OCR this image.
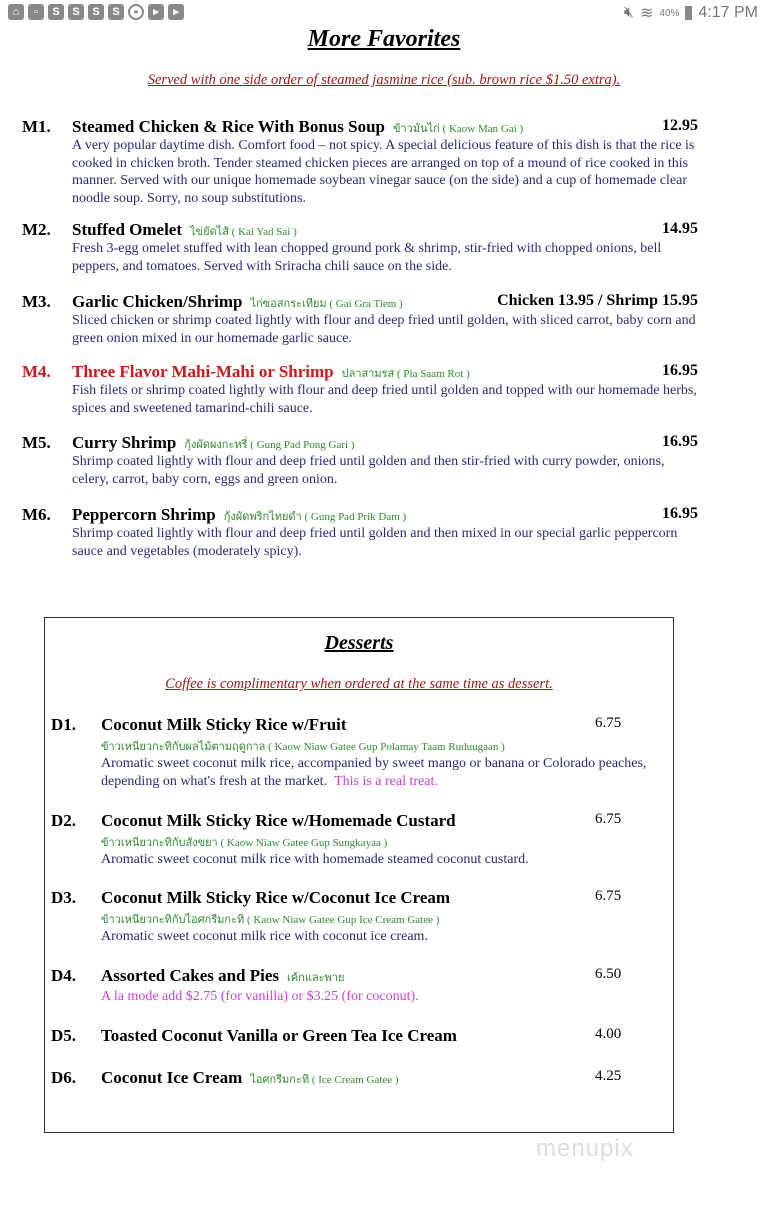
⌂	▫	S	S	S	S	●	▸	▸	🔇︎ ≋ 40% 4:17 PM
More Favorites
Served with one side order of steamed jasmine rice (sub. brown rice $1.50 extra).
M1. Steamed Chicken & Rice With Bonus Soup ข้าวมันไก่ ( Kaow Man Gai )	12.95
A very popular daytime dish. Comfort food – not spicy. A special delicious feature of this dish is that the rice is cooked in chicken broth. Tender steamed chicken pieces are arranged on top of a mound of rice cooked in this manner. Served with our unique homemade soybean vinegar sauce (on the side) and a cup of homemade clear noodle soup. Sorry, no soup substitutions.
M2. Stuffed Omelet ไข่ยัดไส้ ( Kai Yad Sai )	14.95
Fresh 3-egg omelet stuffed with lean chopped ground pork & shrimp, stir-fried with chopped onions, bell peppers, and tomatoes. Served with Sriracha chili sauce on the side.
M3. Garlic Chicken/Shrimp ไก่ซอสกระเทียม ( Gai Gra Tiem )	Chicken 13.95 / Shrimp 15.95
Sliced chicken or shrimp coated lightly with flour and deep fried until golden, with sliced carrot, baby corn and green onion mixed in our homemade garlic sauce.
M4. Three Flavor Mahi-Mahi or Shrimp ปลาสามรส ( Pla Saam Rot )	16.95
Fish filets or shrimp coated lightly with flour and deep fried until golden and topped with our homemade herbs, spices and sweetened tamarind-chili sauce.
M5. Curry Shrimp กุ้งผัดผงกะหรี่ ( Gung Pad Pong Gari )	16.95
Shrimp coated lightly with flour and deep fried until golden and then stir-fried with curry powder, onions, celery, carrot, baby corn, eggs and green onion.
M6. Peppercorn Shrimp กุ้งผัดพริกไทยดำ ( Gung Pad Prik Dam )	16.95
Shrimp coated lightly with flour and deep fried until golden and then mixed in our special garlic peppercorn sauce and vegetables (moderately spicy).
Desserts
Coffee is complimentary when ordered at the same time as dessert.
D1. Coconut Milk Sticky Rice w/Fruit	6.75
ข้าวเหนียวกะทิกับผลไม้ตามฤดูกาล ( Kaow Niaw Gatee Gup Polamay Taam Ruduugaan )
Aromatic sweet coconut milk rice, accompanied by sweet mango or banana or Colorado peaches, depending on what's fresh at the market. This is a real treat.
D2. Coconut Milk Sticky Rice w/Homemade Custard	6.75
ข้าวเหนียวกะทิกับสังขยา ( Kaow Niaw Gatee Gup Sungkayaa )
Aromatic sweet coconut milk rice with homemade steamed coconut custard.
D3. Coconut Milk Sticky Rice w/Coconut Ice Cream	6.75
ข้าวเหนียวกะทิกับไอศกรีมกะทิ ( Kaow Niaw Gatee Gup Ice Cream Gatee )
Aromatic sweet coconut milk rice with coconut ice cream.
D4. Assorted Cakes and Pies เค้กและพาย	6.50
A la mode add $2.75 (for vanilla) or $3.25 (for coconut).
D5. Toasted Coconut Vanilla or Green Tea Ice Cream	4.00
D6. Coconut Ice Cream ไอศกรีมกะทิ ( Ice Cream Gatee )	4.25
menupix
